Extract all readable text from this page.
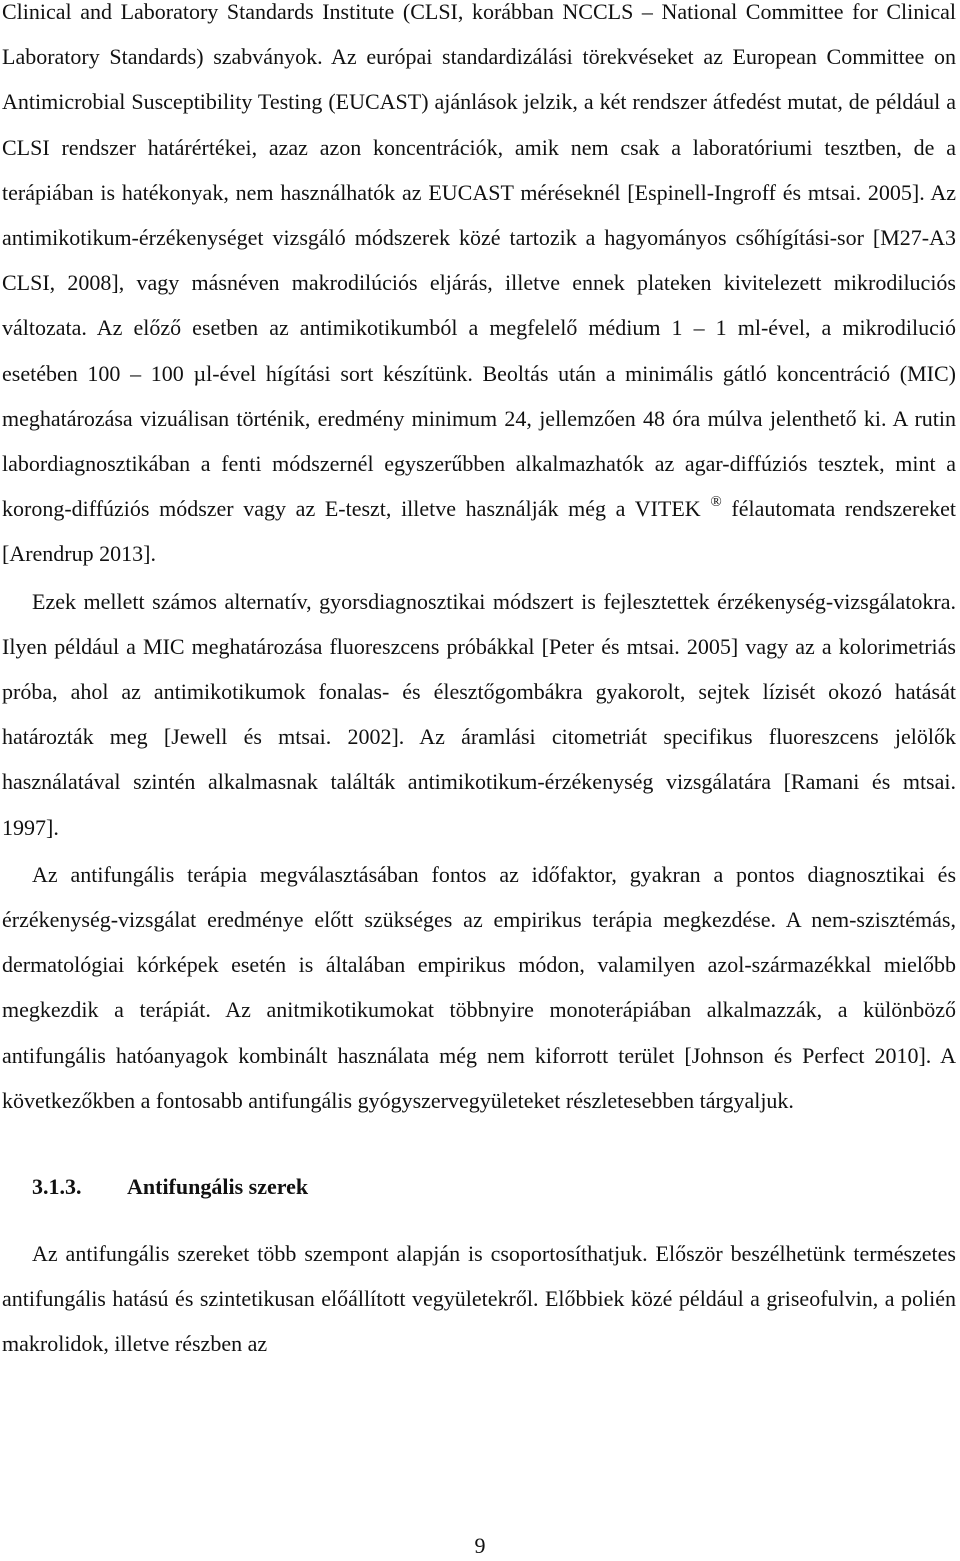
Clinical and Laboratory Standards Institute (CLSI, korábban NCCLS – National Committee for Clinical Laboratory Standards) szabványok. Az európai standardizálási törekvéseket az European Committee on Antimicrobial Susceptibility Testing (EUCAST) ajánlások jelzik, a két rendszer átfedést mutat, de például a CLSI rendszer határértékei, azaz azon koncentrációk, amik nem csak a laboratóriumi tesztben, de a terápiában is hatékonyak, nem használhatók az EUCAST méréseknél [Espinell-Ingroff és mtsai. 2005]. Az antimikotikum-érzékenységet vizsgáló módszerek közé tartozik a hagyományos csőhígítási-sor [M27-A3 CLSI, 2008], vagy másnéven makrodilúciós eljárás, illetve ennek plateken kivitelezett mikrodiluciós változata. Az előző esetben az antimikotikumból a megfelelő médium 1 – 1 ml-ével, a mikrodilució esetében 100 – 100 µl-ével hígítási sort készítünk. Beoltás után a minimális gátló koncentráció (MIC) meghatározása vizuálisan történik, eredmény minimum 24, jellemzően 48 óra múlva jelenthető ki. A rutin labordiagnosztikában a fenti módszernél egyszerűbben alkalmazhatók az agar-diffúziós tesztek, mint a korong-diffúziós módszer vagy az E-teszt, illetve használják még a VITEK ® félautomata rendszereket [Arendrup 2013].

Ezek mellett számos alternatív, gyorsdiagnosztikai módszert is fejlesztettek érzékenység-vizsgálatokra. Ilyen például a MIC meghatározása fluoreszcens próbákkal [Peter és mtsai. 2005] vagy az a kolorimetriás próba, ahol az antimikotikumok fonalas- és élesztőgombákra gyakorolt, sejtek lízisét okozó hatását határozták meg [Jewell és mtsai. 2002]. Az áramlási citometriát specifikus fluoreszcens jelölők használatával szintén alkalmasnak találták antimikotikum-érzékenység vizsgálatára [Ramani és mtsai. 1997].

Az antifungális terápia megválasztásában fontos az időfaktor, gyakran a pontos diagnosztikai és érzékenység-vizsgálat eredménye előtt szükséges az empirikus terápia megkezdése. A nem-szisztémás, dermatológiai kórképek esetén is általában empirikus módon, valamilyen azol-származékkal mielőbb megkezdik a terápiát. Az anitmikotikumokat többnyire monoterápiában alkalmazzák, a különböző antifungális hatóanyagok kombinált használata még nem kiforrott terület [Johnson és Perfect 2010]. A következőkben a fontosabb antifungális gyógyszervegyületeket részletesebben tárgyaljuk.

3.1.3.	Antifungális szerek

Az antifungális szereket több szempont alapján is csoportosíthatjuk. Először beszélhetünk természetes antifungális hatású és szintetikusan előállított vegyületekről. Előbbiek közé például a griseofulvin, a polién makrolidok, illetve részben az

9
